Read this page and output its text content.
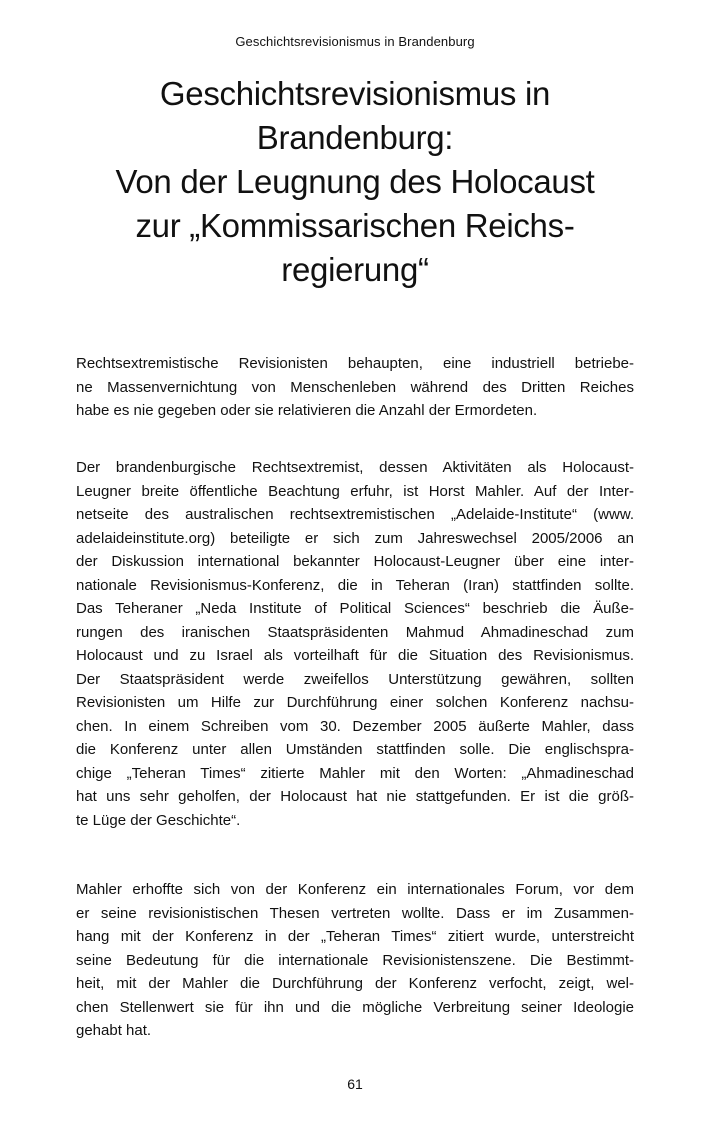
Geschichtsrevisionismus in Brandenburg
Geschichtsrevisionismus in
Brandenburg:
Von der Leugnung des Holocaust
zur „Kommissarischen Reichs-
regierung“

Rechtsextremistische Revisionisten behaupten, eine industriell betriebe-
ne Massenvernichtung von Menschenleben während des Dritten Reiches
habe es nie gegeben oder sie relativieren die Anzahl der Ermordeten.

Der brandenburgische Rechtsextremist, dessen Aktivitäten als Holocaust-
Leugner breite öffentliche Beachtung erfuhr, ist Horst Mahler. Auf der Inter-
netseite des australischen rechtsextremistischen „Adelaide-Institute“ (www.
adelaideinstitute.org) beteiligte er sich zum Jahreswechsel 2005/2006 an
der Diskussion international bekannter Holocaust-Leugner über eine inter-
nationale Revisionismus-Konferenz, die in Teheran (Iran) stattfinden sollte.
Das Teheraner „Neda Institute of Political Sciences“ beschrieb die Äuße-
rungen des iranischen Staatspräsidenten Mahmud Ahmadineschad zum
Holocaust und zu Israel als vorteilhaft für die Situation des Revisionismus.
Der Staatspräsident werde zweifellos Unterstützung gewähren, sollten
Revisionisten um Hilfe zur Durchführung einer solchen Konferenz nachsu-
chen. In einem Schreiben vom 30. Dezember 2005 äußerte Mahler, dass
die Konferenz unter allen Umständen stattfinden solle. Die englischspra-
chige „Teheran Times“ zitierte Mahler mit den Worten: „Ahmadineschad
hat uns sehr geholfen, der Holocaust hat nie stattgefunden. Er ist die größ-
te Lüge der Geschichte“.

Mahler erhoffte sich von der Konferenz ein internationales Forum, vor dem
er seine revisionistischen Thesen vertreten wollte. Dass er im Zusammen-
hang mit der Konferenz in der „Teheran Times“ zitiert wurde, unterstreicht
seine Bedeutung für die internationale Revisionistenszene. Die Bestimmt-
heit, mit der Mahler die Durchführung der Konferenz verfocht, zeigt, wel-
chen Stellenwert sie für ihn und die mögliche Verbreitung seiner Ideologie
gehabt hat.

61
